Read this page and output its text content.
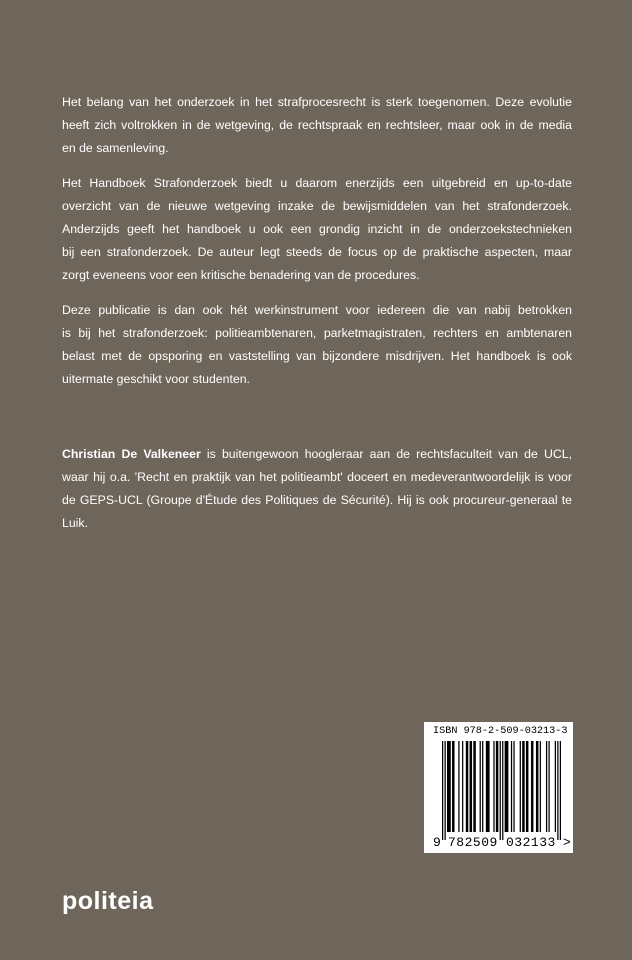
Het belang van het onderzoek in het strafprocesrecht is sterk toegenomen. Deze evolutie
heeft zich voltrokken in de wetgeving, de rechtspraak en rechtsleer, maar ook in de media
en de samenleving.
Het Handboek Strafonderzoek biedt u daarom enerzijds een uitgebreid en up-to-date
overzicht van de nieuwe wetgeving inzake de bewijsmiddelen van het strafonderzoek.
Anderzijds geeft het handboek u ook een grondig inzicht in de onderzoekstechnieken
bij een strafonderzoek. De auteur legt steeds de focus op de praktische aspecten, maar
zorgt eveneens voor een kritische benadering van de procedures.
Deze publicatie is dan ook hét werkinstrument voor iedereen die van nabij betrokken
is bij het strafonderzoek: politieambtenaren, parketmagistraten, rechters en ambtenaren
belast met de opsporing en vaststelling van bijzondere misdrijven. Het handboek is ook
uitermate geschikt voor studenten.
Christian De Valkeneer is buitengewoon hoogleraar aan de rechtsfaculteit van de UCL,
waar hij o.a. 'Recht en praktijk van het politieambt' doceert en medeverantwoordelijk is voor
de GEPS-UCL (Groupe d'Étude des Politiques de Sécurité). Hij is ook procureur-generaal te
Luik.
ISBN 978-2-509-03213-3
9 782509 032133 >
politeia
